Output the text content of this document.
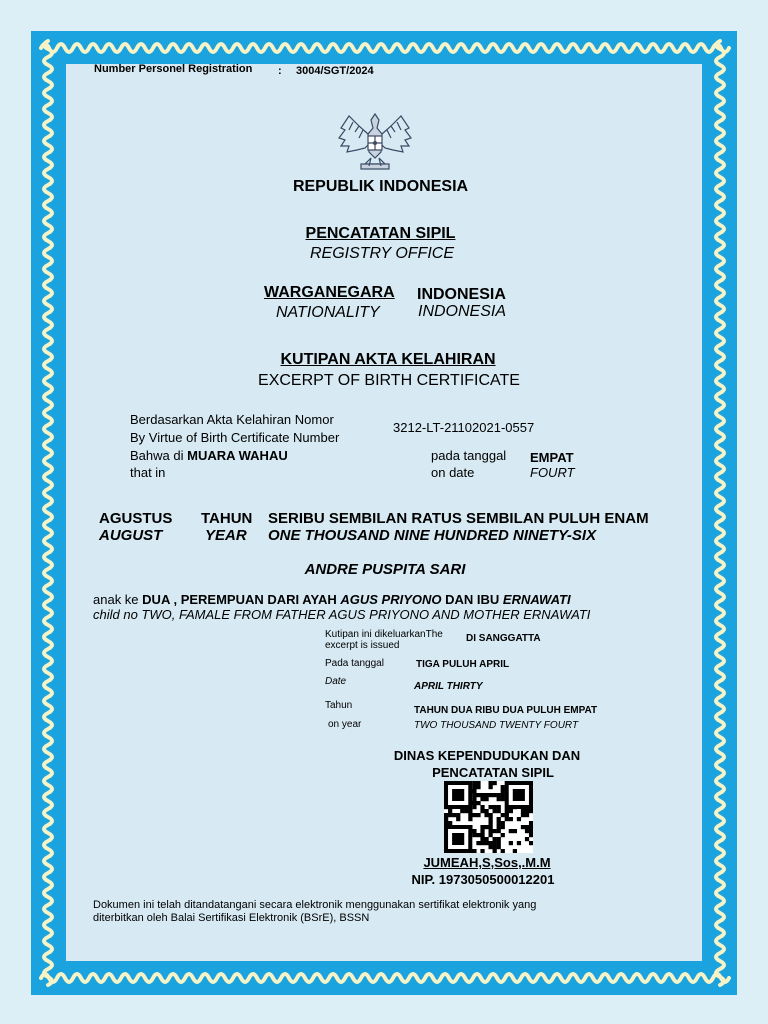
Number Personel Registration : 3004/SGT/2024
REPUBLIK INDONESIA
PENCATATAN SIPIL
REGISTRY OFFICE
WARGANEGARA
NATIONALITY
INDONESIA
INDONESIA
KUTIPAN AKTA KELAHIRAN
EXCERPT OF BIRTH CERTIFICATE
Berdasarkan Akta Kelahiran Nomor
By Virtue of Birth Certificate Number
3212-LT-21102021-0557
Bahwa di MUARA WAHAU
that in
pada tanggal
on date
EMPAT
FOURT
AGUSTUS
AUGUST
TAHUN
YEAR
SERIBU SEMBILAN RATUS SEMBILAN PULUH ENAM
ONE THOUSAND NINE HUNDRED NINETY-SIX
ANDRE PUSPITA SARI
anak ke DUA , PEREMPUAN DARI AYAH AGUS PRIYONO DAN IBU ERNAWATI
child no TWO, FAMALE FROM FATHER AGUS PRIYONO AND MOTHER ERNAWATI
Kutipan ini dikeluarkanThe
excerpt is issued
DI SANGGATTA
Pada tanggal
Date
TIGA PULUH APRIL
APRIL THIRTY
Tahun
on year
TAHUN DUA RIBU DUA PULUH EMPAT
TWO THOUSAND TWENTY FOURT
DINAS KEPENDUDUKAN DAN
PENCATATAN SIPIL
JUMEAH,S,Sos,.M.M
NIP. 1973050500012201
Dokumen ini telah ditandatangani secara elektronik menggunakan sertifikat elektronik yang
diterbitkan oleh Balai Sertifikasi Elektronik (BSrE), BSSN
